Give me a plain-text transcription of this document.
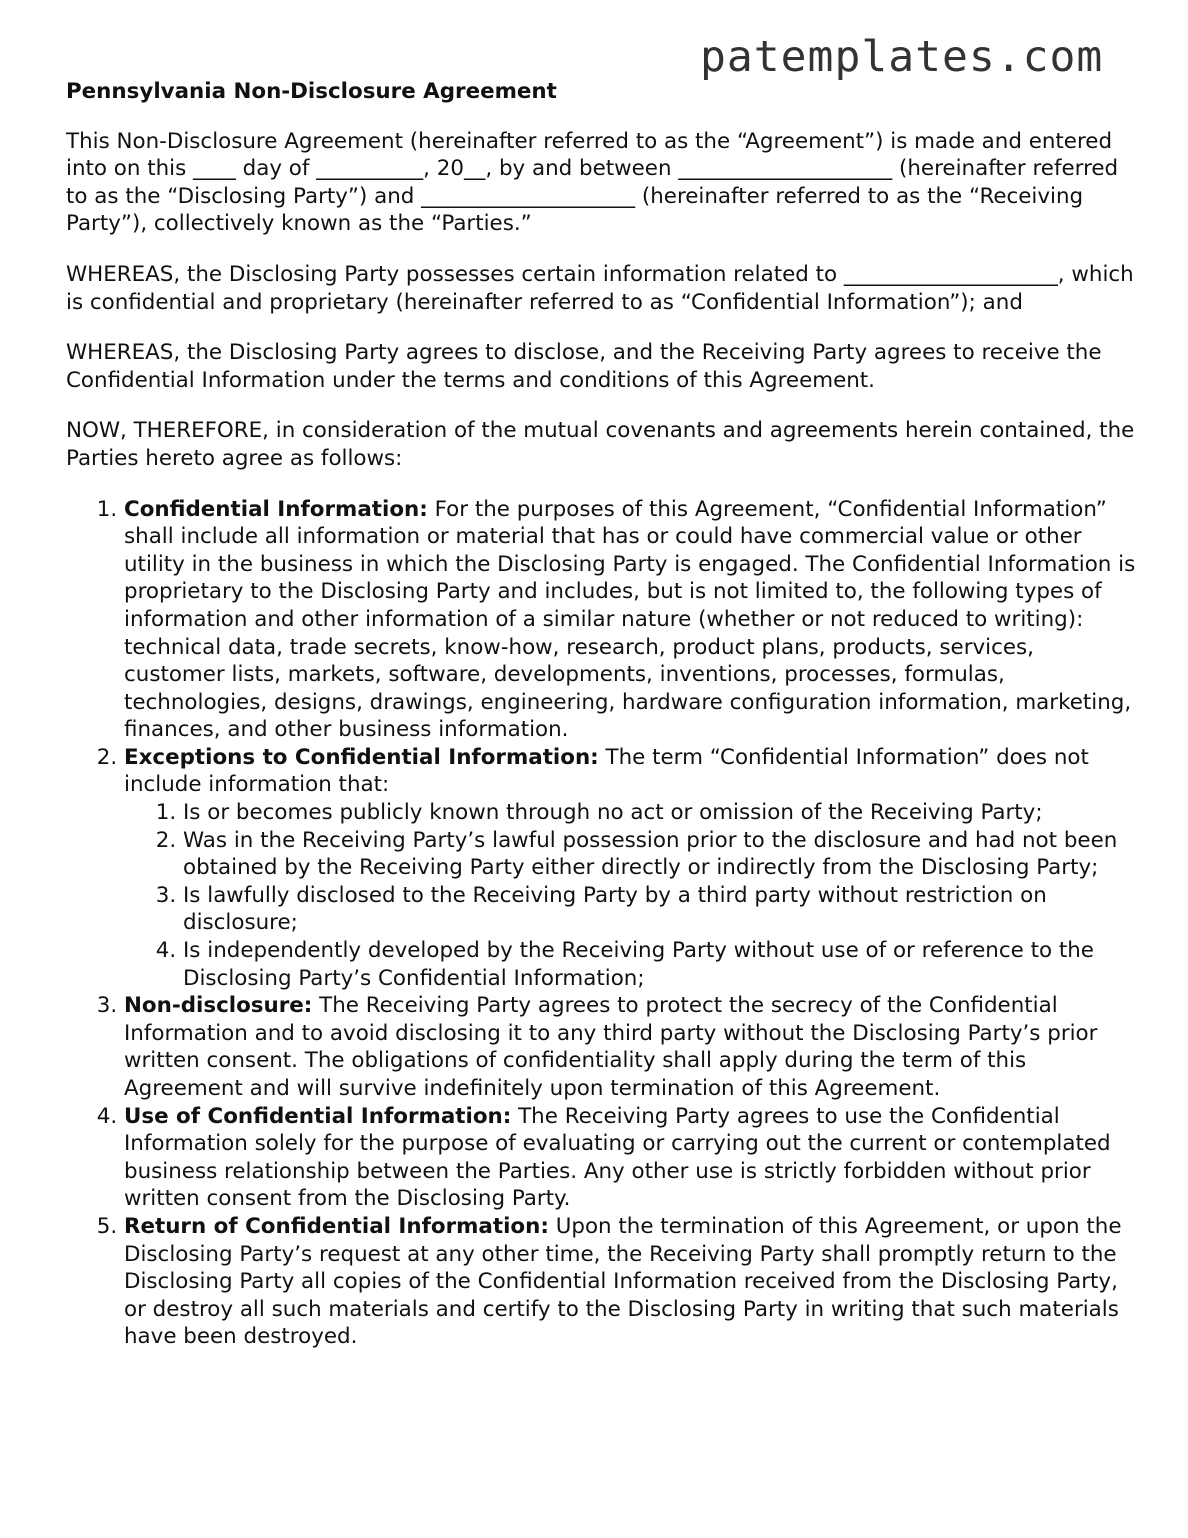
patemplates.com
Pennsylvania Non-Disclosure Agreement
This Non-Disclosure Agreement (hereinafter referred to as the “Agreement”) is made and entered into on this ____ day of __________, 20__, by and between ____________________ (hereinafter referred to as the “Disclosing Party”) and ____________________ (hereinafter referred to as the “Receiving Party”), collectively known as the “Parties.”
WHEREAS, the Disclosing Party possesses certain information related to ____________________, which is confidential and proprietary (hereinafter referred to as “Confidential Information”); and
WHEREAS, the Disclosing Party agrees to disclose, and the Receiving Party agrees to receive the Confidential Information under the terms and conditions of this Agreement.
NOW, THEREFORE, in consideration of the mutual covenants and agreements herein contained, the Parties hereto agree as follows:
1. Confidential Information: For the purposes of this Agreement, “Confidential Information” shall include all information or material that has or could have commercial value or other utility in the business in which the Disclosing Party is engaged. The Confidential Information is proprietary to the Disclosing Party and includes, but is not limited to, the following types of information and other information of a similar nature (whether or not reduced to writing): technical data, trade secrets, know-how, research, product plans, products, services, customer lists, markets, software, developments, inventions, processes, formulas, technologies, designs, drawings, engineering, hardware configuration information, marketing, finances, and other business information.
2. Exceptions to Confidential Information: The term “Confidential Information” does not include information that:
1. Is or becomes publicly known through no act or omission of the Receiving Party;
2. Was in the Receiving Party’s lawful possession prior to the disclosure and had not been obtained by the Receiving Party either directly or indirectly from the Disclosing Party;
3. Is lawfully disclosed to the Receiving Party by a third party without restriction on disclosure;
4. Is independently developed by the Receiving Party without use of or reference to the Disclosing Party’s Confidential Information;
3. Non-disclosure: The Receiving Party agrees to protect the secrecy of the Confidential Information and to avoid disclosing it to any third party without the Disclosing Party’s prior written consent. The obligations of confidentiality shall apply during the term of this Agreement and will survive indefinitely upon termination of this Agreement.
4. Use of Confidential Information: The Receiving Party agrees to use the Confidential Information solely for the purpose of evaluating or carrying out the current or contemplated business relationship between the Parties. Any other use is strictly forbidden without prior written consent from the Disclosing Party.
5. Return of Confidential Information: Upon the termination of this Agreement, or upon the Disclosing Party’s request at any other time, the Receiving Party shall promptly return to the Disclosing Party all copies of the Confidential Information received from the Disclosing Party, or destroy all such materials and certify to the Disclosing Party in writing that such materials have been destroyed.
